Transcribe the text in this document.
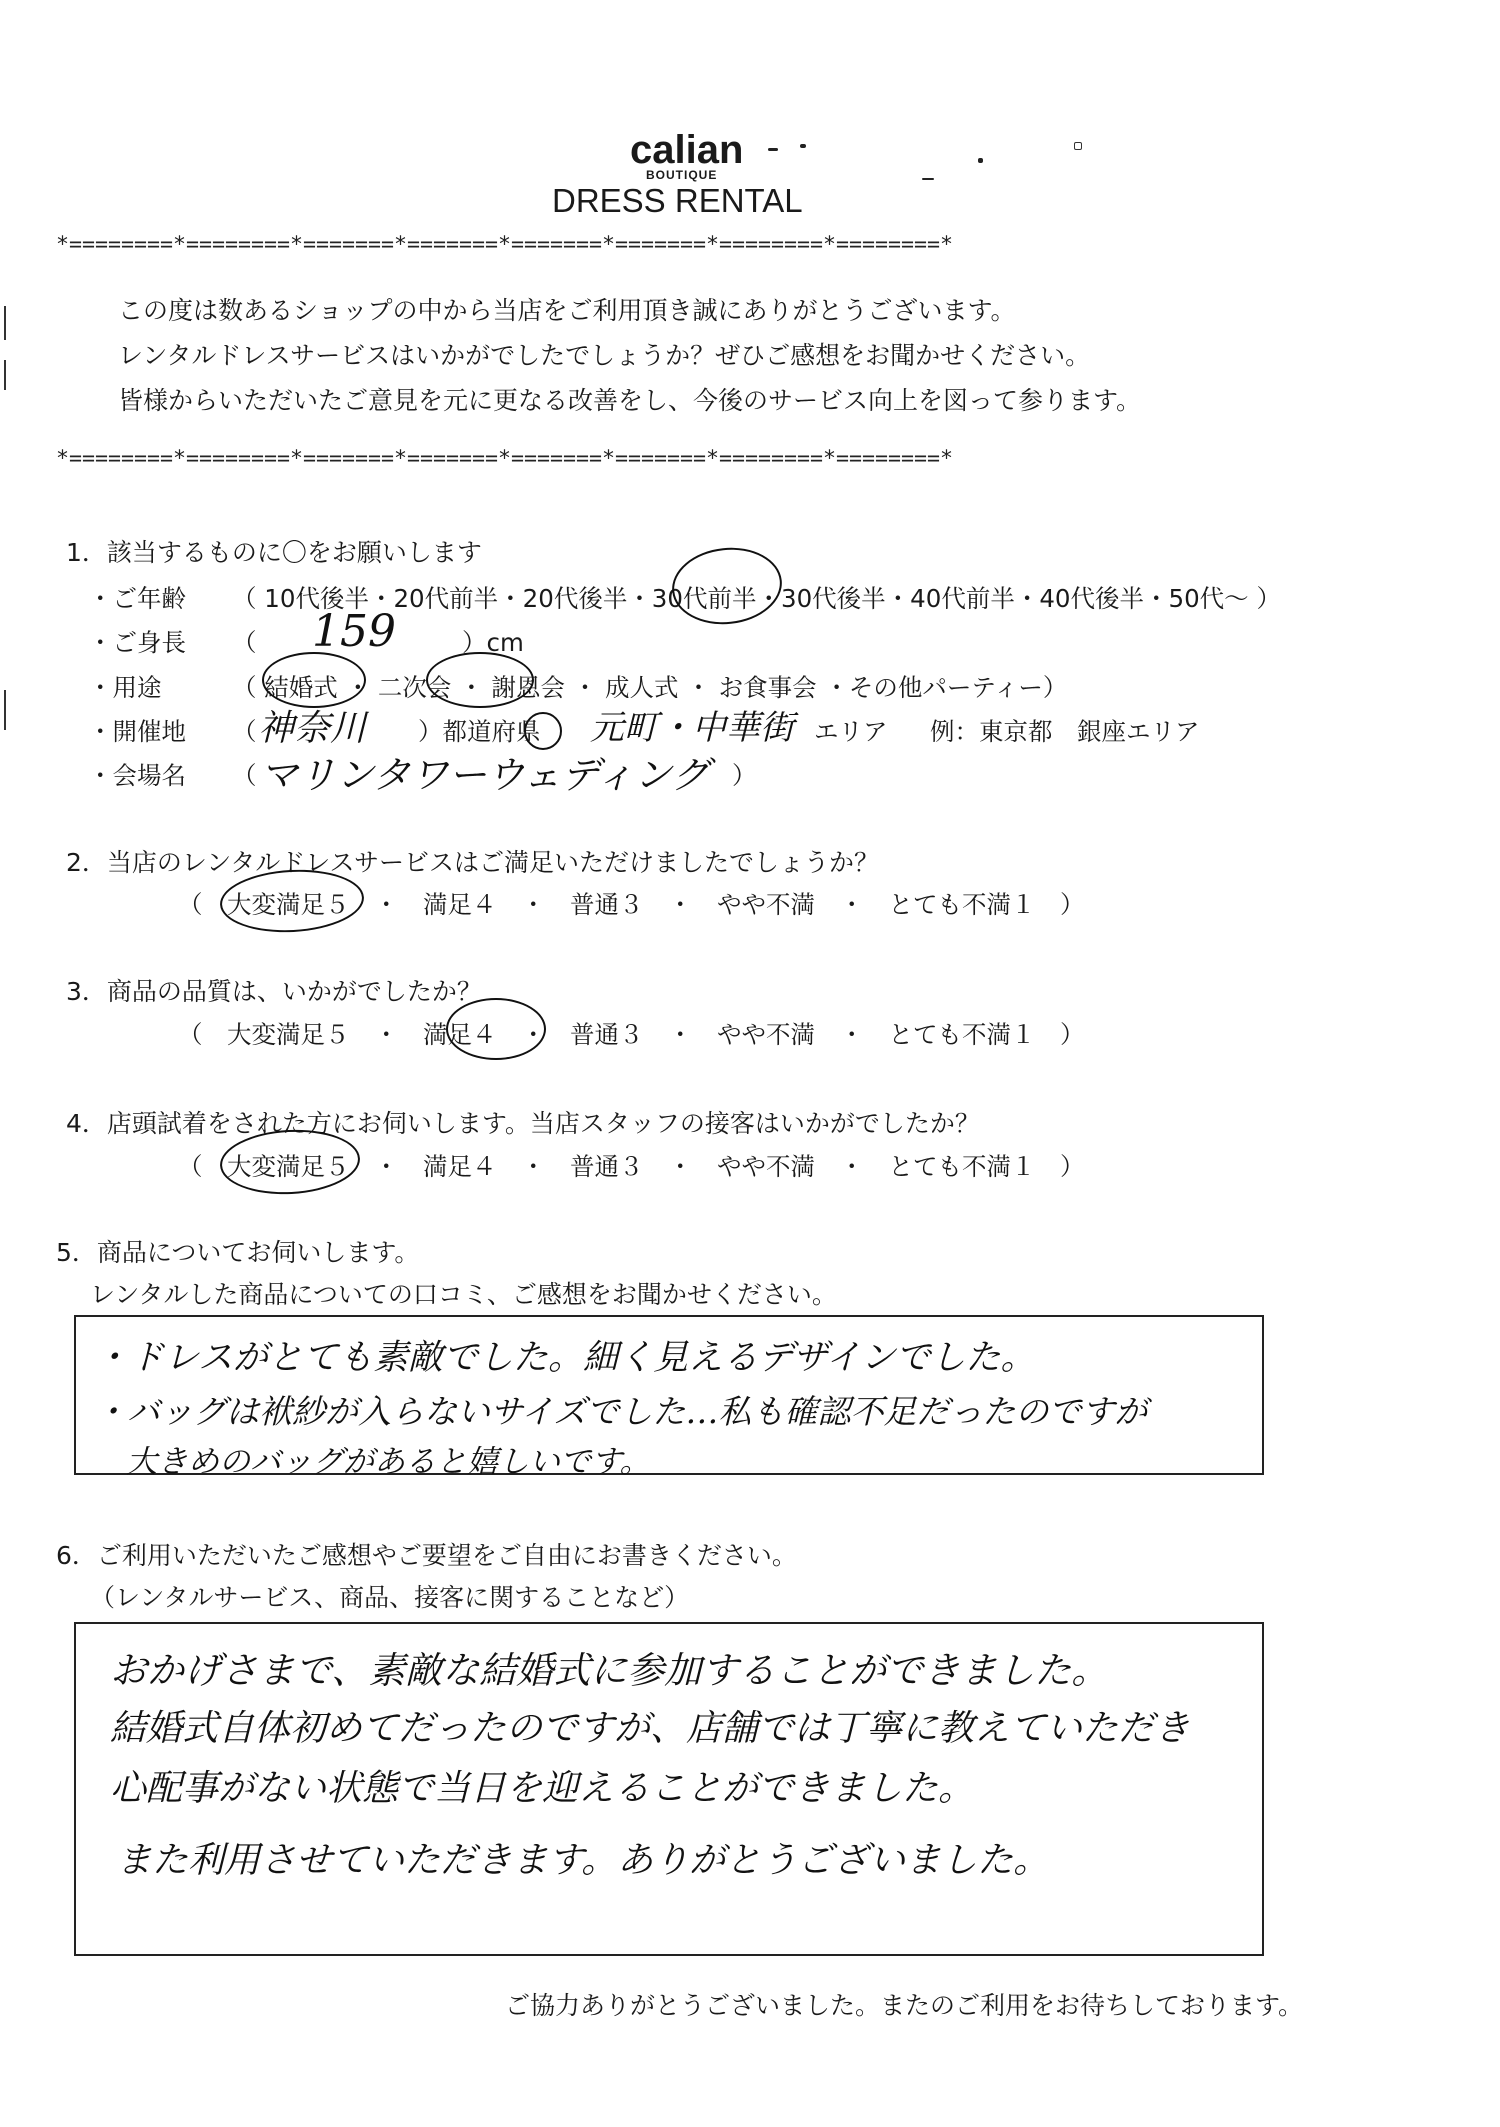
calian
BOUTIQUE
DRESS RENTAL
*========*========*=======*=======*=======*=======*========*========*
この度は数あるショップの中から当店をご利用頂き誠にありがとうございます。
レンタルドレスサービスはいかがでしたでしょうか？ぜひご感想をお聞かせください。
皆様からいただいたご意見を元に更なる改善をし、今後のサービス向上を図って参ります。
*========*========*=======*=======*=======*=======*========*========*
1．該当するものに〇をお願いします
・ご年齢 （ 10代後半・20代前半・20代後半・30代前半・30代後半・40代前半・40代後半・50代～ ）
・ご身長 （ 159	）cm
・用途	（ 結婚式 ・ 二次会 ・ 謝恩会 ・ 成人式 ・ お食事会 ・その他パーティー）
・開催地 （ 神奈川 ）都道府県 元町・中華街 エリア 例：東京都　銀座エリア
・会場名 （ マリンタワーウェディング ）
2．当店のレンタルドレスサービスはご満足いただけましたでしょうか？
（　大変満足５　・　満足４　・　普通３　・　やや不満　・　とても不満１　）
3．商品の品質は、いかがでしたか？
（　大変満足５　・　満足４　・　普通３　・　やや不満　・　とても不満１　）
4．店頭試着をされた方にお伺いします。当店スタッフの接客はいかがでしたか？
（　大変満足５　・　満足４　・　普通３　・　やや不満　・　とても不満１　）
5．商品についてお伺いします。
レンタルした商品についての口コミ、ご感想をお聞かせください。
・ドレスがとても素敵でした。細く見えるデザインでした。
・バッグは袱紗が入らないサイズでした…私も確認不足だったのですが
大きめのバッグがあると嬉しいです。
6．ご利用いただいたご感想やご要望をご自由にお書きください。
（レンタルサービス、商品、接客に関することなど）
おかげさまで、素敵な結婚式に参加することができました。
結婚式自体初めてだったのですが、店舗では丁寧に教えていただき
心配事がない状態で当日を迎えることができました。
また利用させていただきます。ありがとうございました。
ご協力ありがとうございました。またのご利用をお待ちしております。
